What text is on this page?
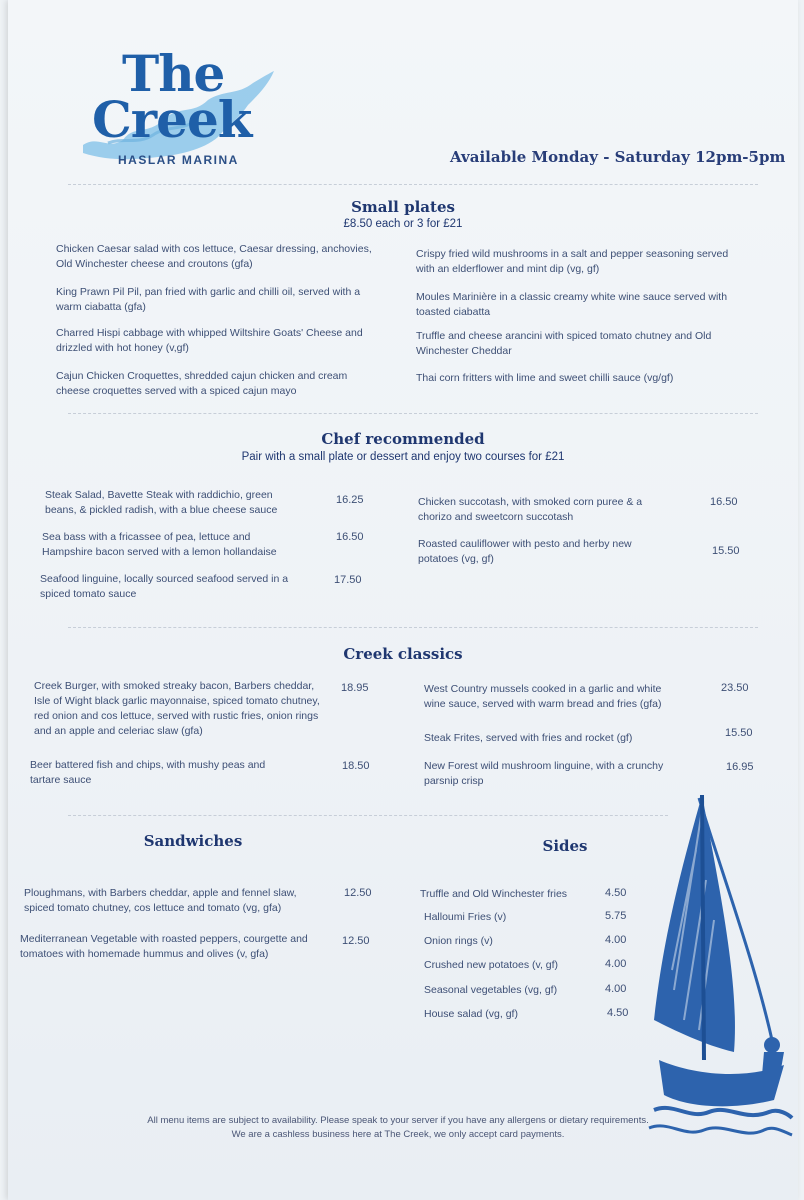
The
Creek
HASLAR MARINA	Available Monday - Saturday 12pm-5pm
Small plates
£8.50 each or 3 for £21
Chicken Caesar salad with cos lettuce, Caesar dressing, anchovies, Old Winchester cheese and croutons (gfa)
King Prawn Pil Pil, pan fried with garlic and chilli oil, served with a warm ciabatta (gfa)
Charred Hispi cabbage with whipped Wiltshire Goats' Cheese and drizzled with hot honey (v,gf)
Cajun Chicken Croquettes, shredded cajun chicken and cream cheese croquettes served with a spiced cajun mayo
Crispy fried wild mushrooms in a salt and pepper seasoning served with an elderflower and mint dip (vg, gf)
Moules Marinière in a classic creamy white wine sauce served with toasted ciabatta
Truffle and cheese arancini with spiced tomato chutney and Old Winchester Cheddar
Thai corn fritters with lime and sweet chilli sauce (vg/gf)
Chef recommended
Pair with a small plate or dessert and enjoy two courses for £21
Steak Salad, Bavette Steak with raddichio, green beans, & pickled radish, with a blue cheese sauce
16.25
Sea bass with a fricassee of pea, lettuce and Hampshire bacon served with a lemon hollandaise
16.50
Seafood linguine, locally sourced seafood served in a spiced tomato sauce
17.50
Chicken succotash, with smoked corn puree & a chorizo and sweetcorn succotash
16.50
Roasted cauliflower with pesto and herby new potatoes (vg, gf)
15.50
Creek classics
Creek Burger, with smoked streaky bacon, Barbers cheddar, Isle of Wight black garlic mayonnaise, spiced tomato chutney, red onion and cos lettuce, served with rustic fries, onion rings and an apple and celeriac slaw (gfa)
18.95
Beer battered fish and chips, with mushy peas and tartare sauce
18.50
West Country mussels cooked in a garlic and white wine sauce, served with warm bread and fries (gfa)
23.50
Steak Frites, served with fries and rocket (gf)	15.50
New Forest wild mushroom linguine, with a crunchy parsnip crisp
16.95
Sandwiches
Ploughmans, with Barbers cheddar, apple and fennel slaw, spiced tomato chutney, cos lettuce and tomato (vg, gfa)
12.50
Mediterranean Vegetable with roasted peppers, courgette and tomatoes with homemade hummus and olives (v, gfa)
12.50
Sides
Truffle and Old Winchester fries	4.50
Halloumi Fries (v)	5.75
Onion rings (v)	4.00
Crushed new potatoes (v, gf)	4.00
Seasonal vegetables (vg, gf)	4.00
House salad (vg, gf)	4.50
All menu items are subject to availability. Please speak to your server if you have any allergens or dietary requirements.
We are a cashless business here at The Creek, we only accept card payments.
